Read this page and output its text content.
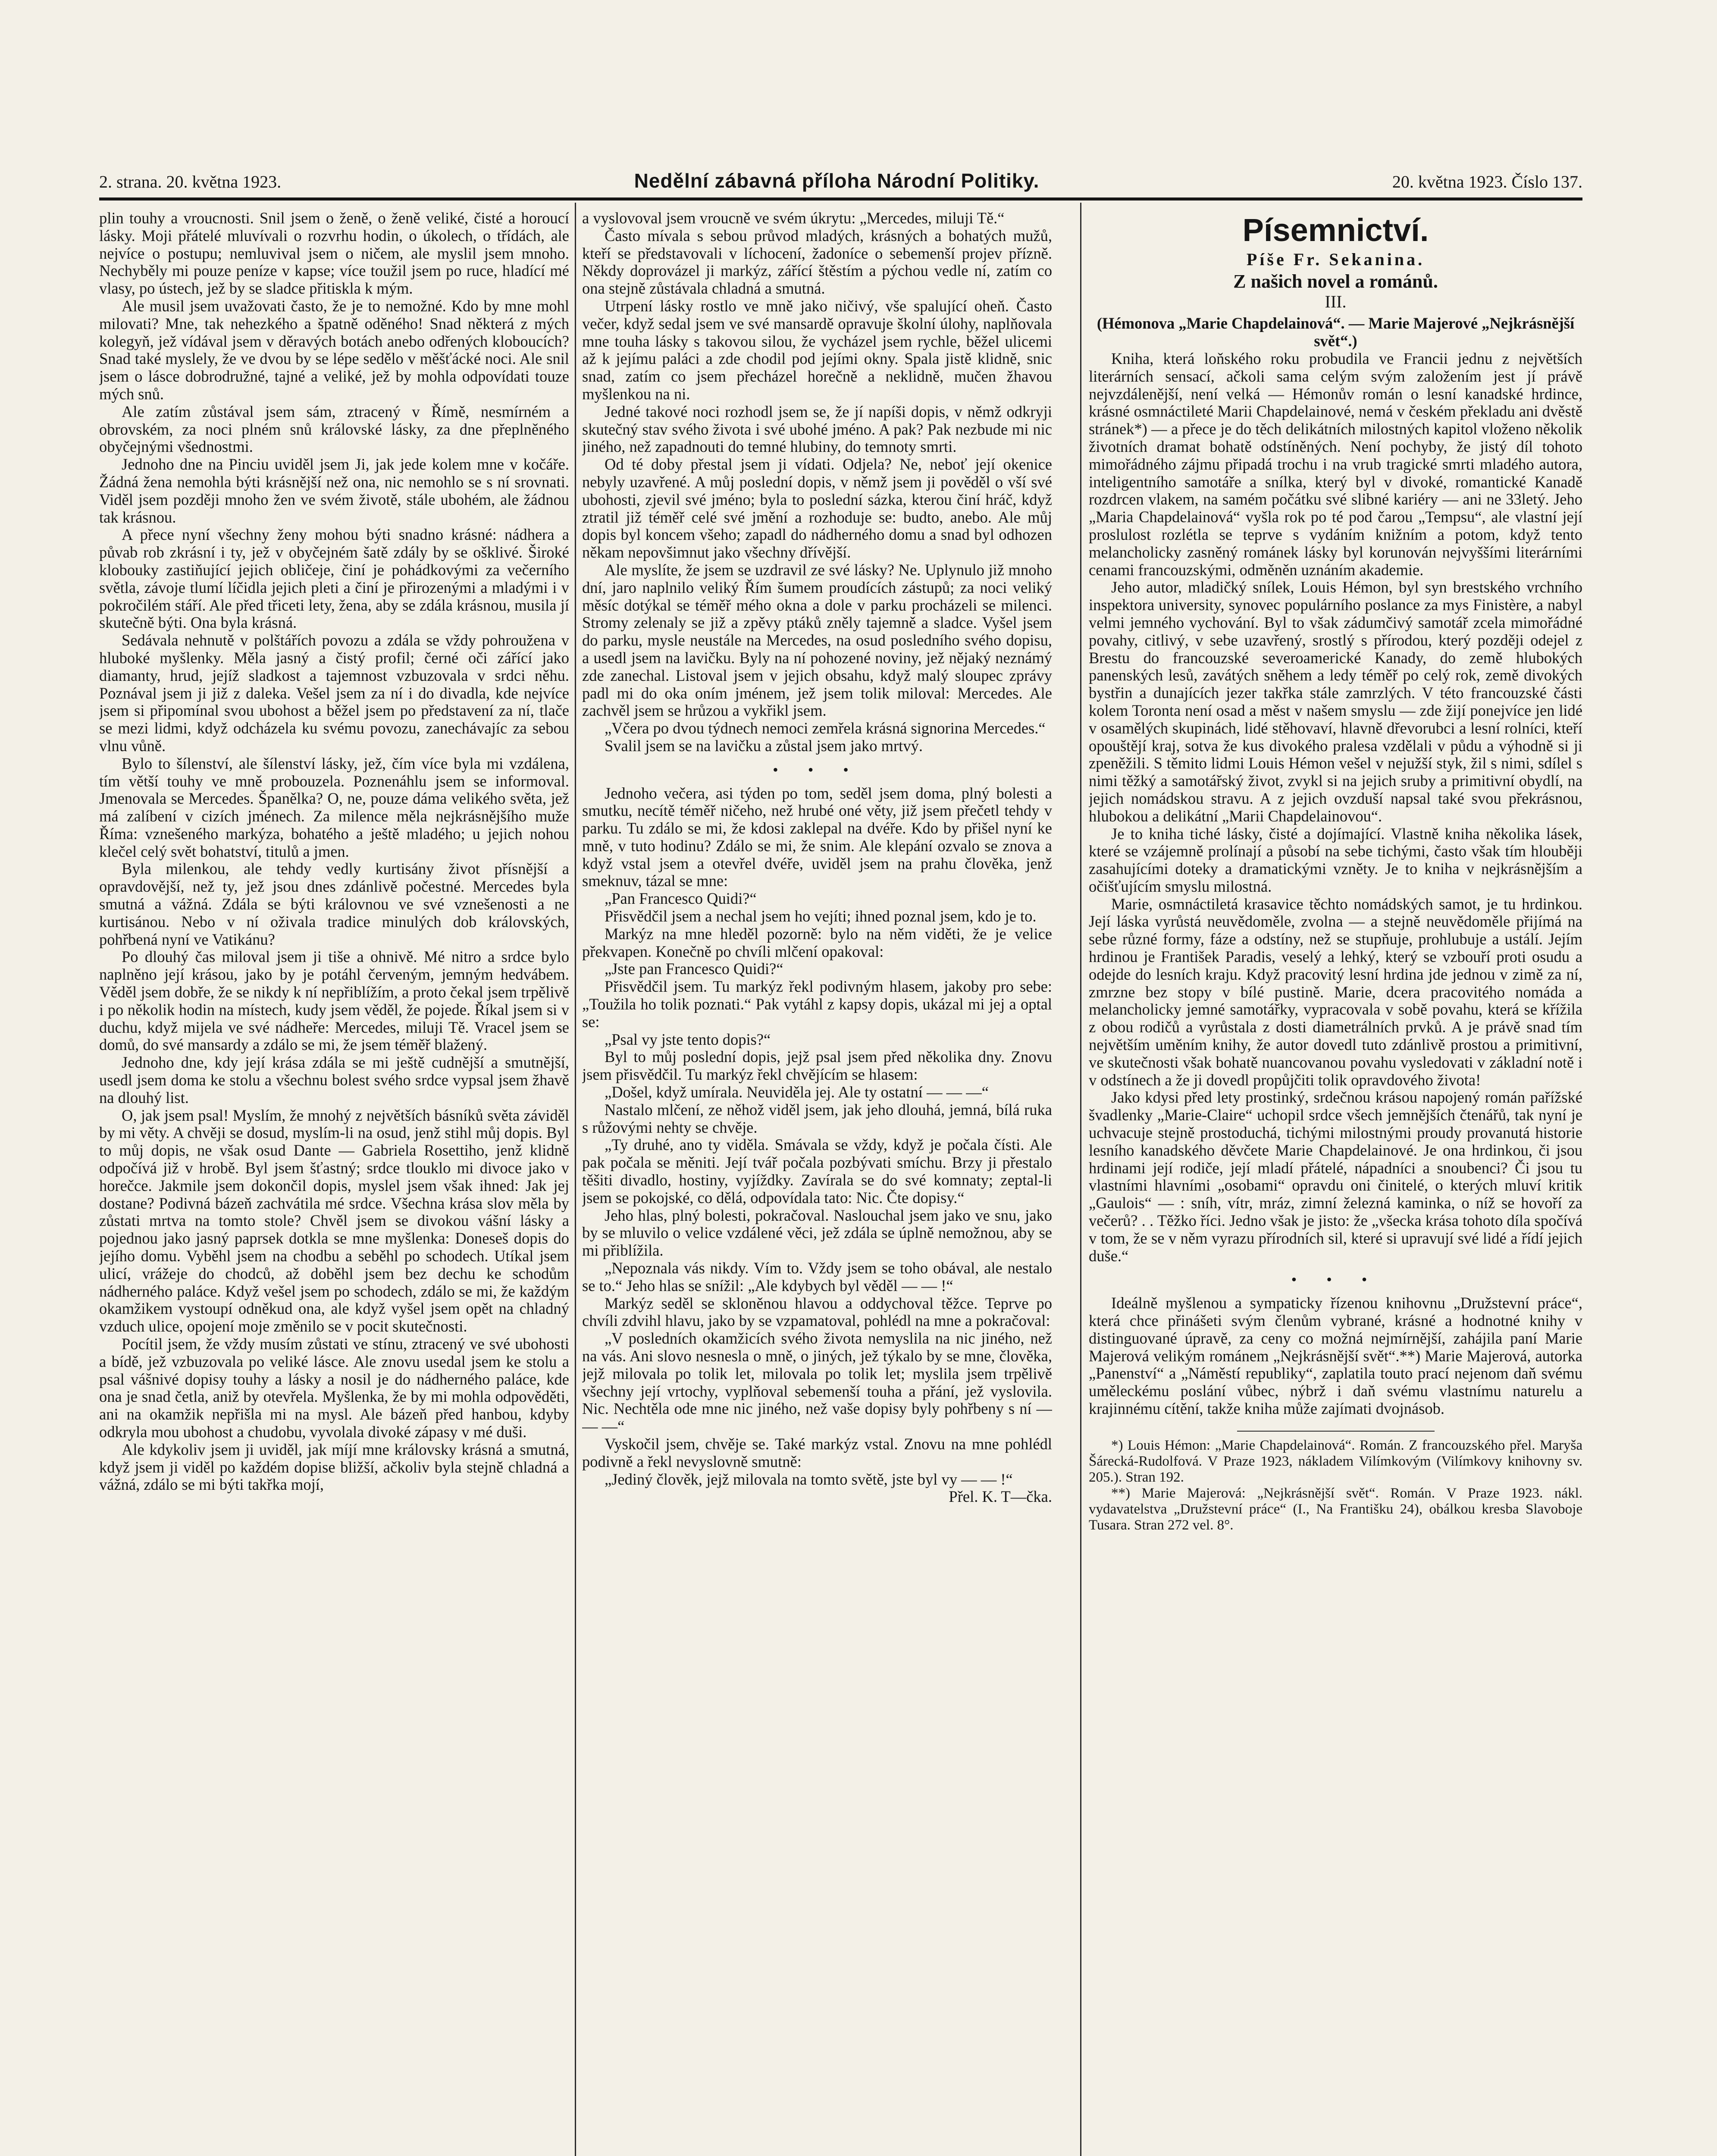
2. strana. 20. května 1923.	Nedělní zábavná příloha Národní Politiky.	20. května 1923. Číslo 137.

plin touhy a vroucnosti. Snil jsem o ženě, o ženě veliké, čisté a horoucí lásky. Moji přátelé mluvívali o rozvrhu hodin, o úkolech, o třídách, ale nejvíce o postupu; nemluvival jsem o ničem, ale myslil jsem mnoho. Nechyběly mi pouze peníze v kapse; více toužil jsem po ruce, hladící mé vlasy, po ústech, jež by se sladce přitiskla k mým.

Ale musil jsem uvažovati často, že je to nemožné. Kdo by mne mohl milovati? Mne, tak nehezkého a špatně oděného! Snad některá z mých kolegyň, jež vídával jsem v děravých botách anebo odřených kloboucích? Snad také myslely, že ve dvou by se lépe sedělo v měšťácké noci. Ale snil jsem o lásce dobrodružné, tajné a veliké, jež by mohla odpovídati touze mých snů.

Ale zatím zůstával jsem sám, ztracený v Římě, nesmírném a obrovském, za noci plném snů královské lásky, za dne přeplněného obyčejnými všednostmi.

Jednoho dne na Pinciu uviděl jsem Ji, jak jede kolem mne v kočáře. Žádná žena nemohla býti krásnější než ona, nic nemohlo se s ní srovnati. Viděl jsem později mnoho žen ve svém životě, stále ubohém, ale žádnou tak krásnou.

A přece nyní všechny ženy mohou býti snadno krásné: nádhera a půvab rob zkrásní i ty, jež v obyčejném šatě zdály by se ošklivé. Široké klobouky zastiňující jejich obličeje, činí je pohádkovými za večerního světla, závoje tlumí líčidla jejich pleti a činí je přirozenými a mladými i v pokročilém stáří. Ale před třiceti lety, žena, aby se zdála krásnou, musila jí skutečně býti. Ona byla krásná.

Sedávala nehnutě v polštářích povozu a zdála se vždy pohroužena v hluboké myšlenky. Měla jasný a čistý profil; černé oči zářící jako diamanty, hrud, jejíž sladkost a tajemnost vzbuzovala v srdci něhu. Poznával jsem ji již z daleka. Vešel jsem za ní i do divadla, kde nejvíce jsem si připomínal svou ubohost a běžel jsem po představení za ní, tlače se mezi lidmi, když odcházela ku svému povozu, zanechávajíc za sebou vlnu vůně.

Bylo to šílenství, ale šílenství lásky, jež, čím více byla mi vzdálena, tím větší touhy ve mně probouzela. Poznenáhlu jsem se informoval. Jmenovala se Mercedes. Španělka? O, ne, pouze dáma velikého světa, jež má zalíbení v cizích jménech. Za milence měla nejkrásnějšího muže Říma: vznešeného markýza, bohatého a ještě mladého; u jejich nohou klečel celý svět bohatství, titulů a jmen.

Byla milenkou, ale tehdy vedly kurtisány život přísnější a opravdovější, než ty, jež jsou dnes zdánlivě počestné. Mercedes byla smutná a vážná. Zdála se býti královnou ve své vznešenosti a ne kurtisánou. Nebo v ní oživala tradice minulých dob královských, pohřbená nyní ve Vatikánu?

Po dlouhý čas miloval jsem ji tiše a ohnivě. Mé nitro a srdce bylo naplněno její krásou, jako by je potáhl červeným, jemným hedvábem. Věděl jsem dobře, že se nikdy k ní nepřiblížím, a proto čekal jsem trpělivě i po několik hodin na místech, kudy jsem věděl, že pojede. Říkal jsem si v duchu, když mijela ve své nádheře: Mercedes, miluji Tě. Vracel jsem se domů, do své mansardy a zdálo se mi, že jsem téměř blažený.

Jednoho dne, kdy její krása zdála se mi ještě cudnější a smutnější, usedl jsem doma ke stolu a všechnu bolest svého srdce vypsal jsem žhavě na dlouhý list.

O, jak jsem psal! Myslím, že mnohý z největších básníků světa záviděl by mi věty. A chvěji se dosud, myslím-li na osud, jenž stihl můj dopis. Byl to můj dopis, ne však osud Dante — Gabriela Rosettiho, jenž klidně odpočívá již v hrobě. Byl jsem šťastný; srdce tlouklo mi divoce jako v horečce. Jakmile jsem dokončil dopis, myslel jsem však ihned: Jak jej dostane? Podivná bázeň zachvátila mé srdce. Všechna krása slov měla by zůstati mrtva na tomto stole? Chvěl jsem se divokou vášní lásky a pojednou jako jasný paprsek dotkla se mne myšlenka: Doneseš dopis do jejího domu. Vyběhl jsem na chodbu a seběhl po schodech. Utíkal jsem ulicí, vrážeje do chodců, až doběhl jsem bez dechu ke schodům nádherného paláce. Když vešel jsem po schodech, zdálo se mi, že každým okamžikem vystoupí odněkud ona, ale když vyšel jsem opět na chladný vzduch ulice, opojení moje změnilo se v pocit skutečnosti.

Pocítil jsem, že vždy musím zůstati ve stínu, ztracený ve své ubohosti a bídě, jež vzbuzovala po veliké lásce. Ale znovu usedal jsem ke stolu a psal vášnivé dopisy touhy a lásky a nosil je do nádherného paláce, kde ona je snad četla, aniž by otevřela. Myšlenka, že by mi mohla odpověděti, ani na okamžik nepřišla mi na mysl. Ale bázeň před hanbou, kdyby odkryla mou ubohost a chudobu, vyvolala divoké zápasy v mé duši.

Ale kdykoliv jsem ji uviděl, jak míjí mne královsky krásná a smutná, když jsem ji viděl po každém dopise bližší, ačkoliv byla stejně chladná a vážná, zdálo se mi býti takřka mojí,

a vyslovoval jsem vroucně ve svém úkrytu: „Mercedes, miluji Tě.“

Často mívala s sebou průvod mladých, krásných a bohatých mužů, kteří se představovali v líchocení, žadoníce o sebemenší projev přízně. Někdy doprovázel ji markýz, zářící štěstím a pýchou vedle ní, zatím co ona stejně zůstávala chladná a smutná.

Utrpení lásky rostlo ve mně jako ničivý, vše spalující oheň. Často večer, když sedal jsem ve své mansardě opravuje školní úlohy, naplňovala mne touha lásky s takovou silou, že vycházel jsem rychle, běžel ulicemi až k jejímu paláci a zde chodil pod jejími okny. Spala jistě klidně, snic snad, zatím co jsem přecházel horečně a neklidně, mučen žhavou myšlenkou na ni.

Jedné takové noci rozhodl jsem se, že jí napíši dopis, v němž odkryji skutečný stav svého života i své ubohé jméno. A pak? Pak nezbude mi nic jiného, než zapadnouti do temné hlubiny, do temnoty smrti.

Od té doby přestal jsem ji vídati. Odjela? Ne, neboť její okenice nebyly uzavřené. A můj poslední dopis, v němž jsem ji pověděl o vší své ubohosti, zjevil své jméno; byla to poslední sázka, kterou činí hráč, když ztratil již téměř celé své jmění a rozhoduje se: budto, anebo. Ale můj dopis byl koncem všeho; zapadl do nádherného domu a snad byl odhozen někam nepovšimnut jako všechny dřívější.

Ale myslíte, že jsem se uzdravil ze své lásky? Ne. Uplynulo již mnoho dní, jaro naplnilo veliký Řím šumem proudících zástupů; za noci veliký měsíc dotýkal se téměř mého okna a dole v parku procházeli se milenci. Stromy zelenaly se již a zpěvy ptáků zněly tajemně a sladce. Vyšel jsem do parku, mysle neustále na Mercedes, na osud posledního svého dopisu, a usedl jsem na lavičku. Byly na ní pohozené noviny, jež nějaký neznámý zde zanechal. Listoval jsem v jejich obsahu, když malý sloupec zprávy padl mi do oka oním jménem, jež jsem tolik miloval: Mercedes. Ale zachvěl jsem se hrůzou a vykřikl jsem.

„Včera po dvou týdnech nemoci zemřela krásná signorina Mercedes.“

Svalil jsem se na lavičku a zůstal jsem jako mrtvý.

• • •

Jednoho večera, asi týden po tom, seděl jsem doma, plný bolesti a smutku, necítě téměř ničeho, než hrubé oné věty, již jsem přečetl tehdy v parku. Tu zdálo se mi, že kdosi zaklepal na dvéře. Kdo by přišel nyní ke mně, v tuto hodinu? Zdálo se mi, že snim. Ale klepání ozvalo se znova a když vstal jsem a otevřel dvéře, uviděl jsem na prahu člověka, jenž smeknuv, tázal se mne:

„Pan Francesco Quidi?“

Přisvědčil jsem a nechal jsem ho vejíti; ihned poznal jsem, kdo je to.

Markýz na mne hleděl pozorně: bylo na něm viděti, že je velice překvapen. Konečně po chvíli mlčení opakoval:

„Jste pan Francesco Quidi?“

Přisvědčil jsem. Tu markýz řekl podivným hlasem, jakoby pro sebe: „Toužila ho tolik poznati.“ Pak vytáhl z kapsy dopis, ukázal mi jej a optal se:

„Psal vy jste tento dopis?“

Byl to můj poslední dopis, jejž psal jsem před několika dny. Znovu jsem přisvědčil. Tu markýz řekl chvějícím se hlasem:

„Došel, když umírala. Neuviděla jej. Ale ty ostatní — — —“

Nastalo mlčení, ze něhož viděl jsem, jak jeho dlouhá, jemná, bílá ruka s růžovými nehty se chvěje.

„Ty druhé, ano ty viděla. Smávala se vždy, když je počala čísti. Ale pak počala se měniti. Její tvář počala pozbývati smíchu. Brzy ji přestalo těšiti divadlo, hostiny, vyjíždky. Zavírala se do své komnaty; zeptal-li jsem se pokojské, co dělá, odpovídala tato: Nic. Čte dopisy.“

Jeho hlas, plný bolesti, pokračoval. Naslouchal jsem jako ve snu, jako by se mluvilo o velice vzdálené věci, jež zdála se úplně nemožnou, aby se mi přiblížila.

„Nepoznala vás nikdy. Vím to. Vždy jsem se toho obával, ale nestalo se to.“ Jeho hlas se snížil: „Ale kdybych byl věděl — — !“

Markýz seděl se skloněnou hlavou a oddychoval těžce. Teprve po chvíli zdvihl hlavu, jako by se vzpamatoval, pohlédl na mne a pokračoval:

„V posledních okamžicích svého života nemyslila na nic jiného, než na vás. Ani slovo nesnesla o mně, o jiných, jež týkalo by se mne, člověka, jejž milovala po tolik let, milovala po tolik let; myslila jsem trpělivě všechny její vrtochy, vyplňoval sebemenší touha a přání, jež vyslovila. Nic. Nechtěla ode mne nic jiného, než vaše dopisy byly pohřbeny s ní — — —“

Vyskočil jsem, chvěje se. Také markýz vstal. Znovu na mne pohlédl podivně a řekl nevyslovně smutně:

„Jediný člověk, jejž milovala na tomto světě, jste byl vy — — !“

Přel. K. T—čka.

Písemnictví.
Píše Fr. Sekanina.
Z našich novel a románů.
III.

(Hémonova „Marie Chapdelainová“. — Marie Majerové „Nejkrásnější svět“.)

Kniha, která loňského roku probudila ve Francii jednu z největších literárních sensací, ačkoli sama celým svým založením jest jí právě nejvzdálenější, není velká — Hémonův román o lesní kanadské hrdince, krásné osmnáctileté Marii Chapdelainové, nemá v českém překladu ani dvěstě stránek*) — a přece je do těch delikátních milostných kapitol vloženo několik životních dramat bohatě odstíněných. Není pochyby, že jistý díl tohoto mimořádného zájmu připadá trochu i na vrub tragické smrti mladého autora, inteligentního samotáře a snílka, který byl v divoké, romantické Kanadě rozdrcen vlakem, na samém počátku své slibné kariéry — ani ne 33letý. Jeho „Maria Chapdelainová“ vyšla rok po té pod čarou „Tempsu“, ale vlastní její proslulost rozlétla se teprve s vydáním knižním a potom, když tento melancholicky zasněný románek lásky byl korunován nejvyššími literárními cenami francouzskými, odměněn uznáním akademie.

Jeho autor, mladičký snílek, Louis Hémon, byl syn brestského vrchního inspektora university, synovec populárního poslance za mys Finistère, a nabyl velmi jemného vychování. Byl to však zádumčivý samotář zcela mimořádné povahy, citlivý, v sebe uzavřený, srostlý s přírodou, který později odejel z Brestu do francouzské severoamerické Kanady, do země hlubokých panenských lesů, zavátých sněhem a ledy téměř po celý rok, země divokých bystřin a dunajících jezer takřka stále zamrzlých. V této francouzské části kolem Toronta není osad a měst v našem smyslu — zde žijí ponejvíce jen lidé v osamělých skupinách, lidé stěhovaví, hlavně dřevorubci a lesní rolníci, kteří opouštějí kraj, sotva že kus divokého pralesa vzdělali v půdu a výhodně si ji zpeněžili. S těmito lidmi Louis Hémon vešel v nejužší styk, žil s nimi, sdílel s nimi těžký a samotářský život, zvykl si na jejich sruby a primitivní obydlí, na jejich nomádskou stravu. A z jejich ovzduší napsal také svou překrásnou, hlubokou a delikátní „Marii Chapdelainovou“.

Je to kniha tiché lásky, čisté a dojímající. Vlastně kniha několika lásek, které se vzájemně prolínají a působí na sebe tichými, často však tím hlouběji zasahujícími doteky a dramatickými vzněty. Je to kniha v nejkrásnějším a očišťujícím smyslu milostná.

Marie, osmnáctiletá krasavice těchto nomádských samot, je tu hrdinkou. Její láska vyrůstá neuvědoměle, zvolna — a stejně neuvědoměle přijímá na sebe různé formy, fáze a odstíny, než se stupňuje, prohlubuje a ustálí. Jejím hrdinou je František Paradis, veselý a lehký, který se vzbouří proti osudu a odejde do lesních kraju. Když pracovitý lesní hrdina jde jednou v zimě za ní, zmrzne bez stopy v bílé pustině. Marie, dcera pracovitého nomáda a melancholicky jemné samotářky, vypracovala v sobě povahu, která se křížila z obou rodičů a vyrůstala z dosti diametrálních prvků. A je právě snad tím největším uměním knihy, že autor dovedl tuto zdánlivě prostou a primitivní, ve skutečnosti však bohatě nuancovanou povahu vysledovati v základní notě i v odstínech a že ji dovedl propůjčiti tolik opravdového života!

Jako kdysi před lety prostinký, srdečnou krásou napojený román pařížské švadlenky „Marie-Claire“ uchopil srdce všech jemnějších čtenářů, tak nyní je uchvacuje stejně prostoduchá, tichými milostnými proudy provanutá historie lesního kanadského děvčete Marie Chapdelainové. Je ona hrdinkou, či jsou hrdinami její rodiče, její mladí přátelé, nápadníci a snoubenci? Či jsou tu vlastními hlavními „osobami“ opravdu oni činitelé, o kterých mluví kritik „Gaulois“ — : sníh, vítr, mráz, zimní železná kaminka, o níž se hovoří za večerů? . . Těžko říci. Jedno však je jisto: že „všecka krása tohoto díla spočívá v tom, že se v něm vyrazu přírodních sil, které si upravují své lidé a řídí jejich duše.“

• • •

Ideálně myšlenou a sympaticky řízenou knihovnu „Družstevní práce“, která chce přinášeti svým členům vybrané, krásné a hodnotné knihy v distinguované úpravě, za ceny co možná nejmírnější, zahájila paní Marie Majerová velikým románem „Nejkrásnější svět“.**) Marie Majerová, autorka „Panenství“ a „Náměstí republiky“, zaplatila touto prací nejenom daň svému uměleckému poslání vůbec, nýbrž i daň svému vlastnímu naturelu a krajinnému cítění, takže kniha může zajímati dvojnásob.

*) Louis Hémon: „Marie Chapdelainová“. Román. Z francouzského přel. Maryša Šárecká-Rudolfová. V Praze 1923, nákladem Vilímkovým (Vilímkovy knihovny sv. 205.). Stran 192.

**) Marie Majerová: „Nejkrásnější svět“. Román. V Praze 1923. nákl. vydavatelstva „Družstevní práce“ (I., Na Františku 24), obálkou kresba Slavoboje Tusara. Stran 272 vel. 8°.
